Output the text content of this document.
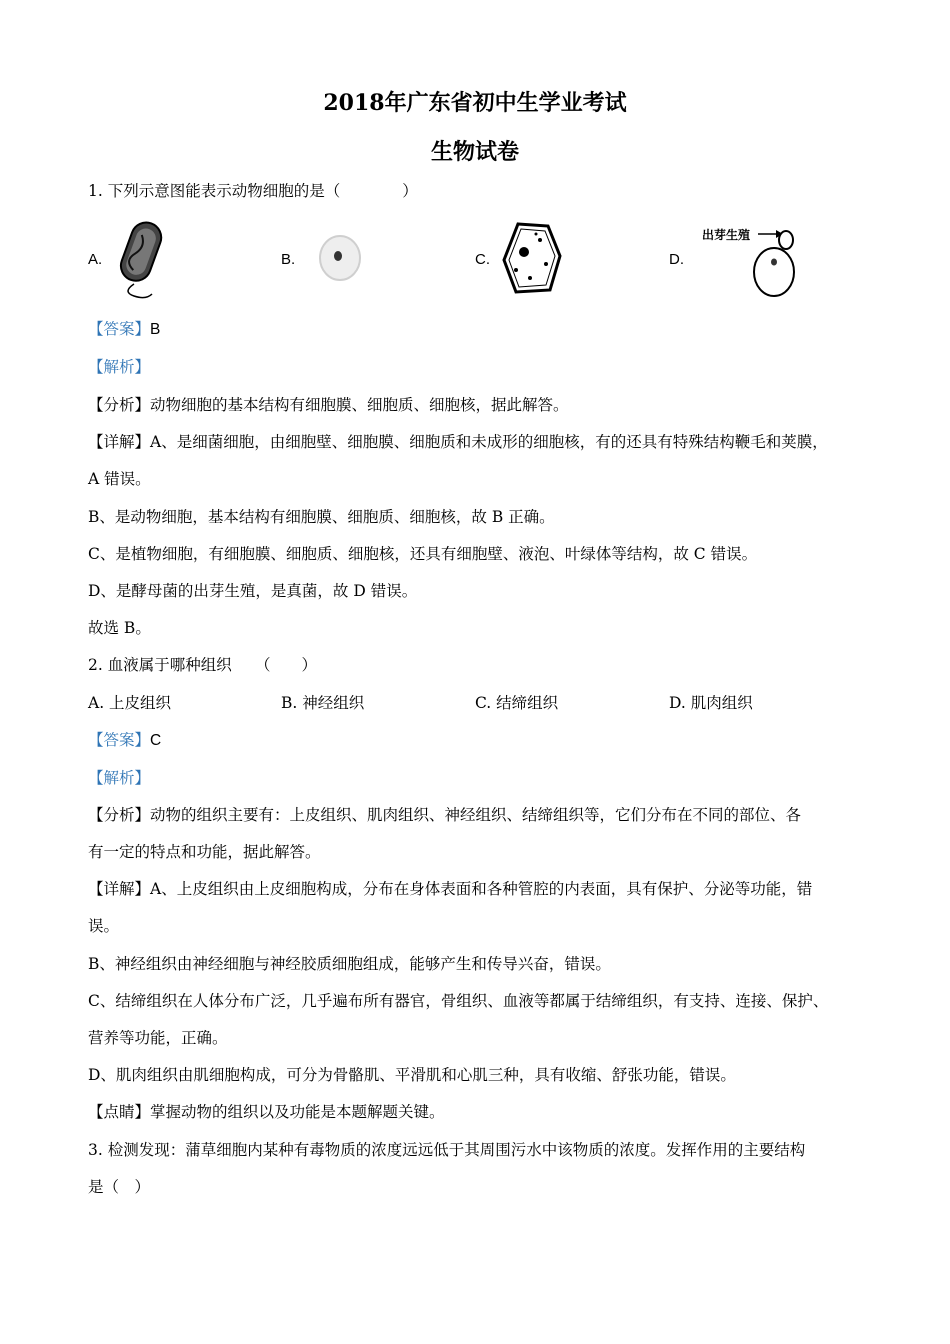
2018年广东省初中生学业考试
生物试卷
1. 下列示意图能表示动物细胞的是（　　　　）
A.	B.	C.	D.
出芽生殖
【答案】B
【解析】
【分析】动物细胞的基本结构有细胞膜、细胞质、细胞核，据此解答。
【详解】A、是细菌细胞，由细胞壁、细胞膜、细胞质和未成形的细胞核，有的还具有特殊结构鞭毛和荚膜，
A 错误。
B、是动物细胞，基本结构有细胞膜、细胞质、细胞核，故 B 正确。
C、是植物细胞，有细胞膜、细胞质、细胞核，还具有细胞壁、液泡、叶绿体等结构，故 C 错误。
D、是酵母菌的出芽生殖，是真菌，故 D 错误。
故选 B。
2. 血液属于哪种组织　　（　　）
A. 上皮组织	B. 神经组织	C. 结缔组织	D. 肌肉组织
【答案】C
【解析】
【分析】动物的组织主要有：上皮组织、肌肉组织、神经组织、结缔组织等，它们分布在不同的部位、各
有一定的特点和功能，据此解答。
【详解】A、上皮组织由上皮细胞构成，分布在身体表面和各种管腔的内表面，具有保护、分泌等功能，错
误。
B、神经组织由神经细胞与神经胶质细胞组成，能够产生和传导兴奋，错误。
C、结缔组织在人体分布广泛，几乎遍布所有器官，骨组织、血液等都属于结缔组织，有支持、连接、保护、
营养等功能，正确。
D、肌肉组织由肌细胞构成，可分为骨骼肌、平滑肌和心肌三种，具有收缩、舒张功能，错误。
【点睛】掌握动物的组织以及功能是本题解题关键。
3. 检测发现：蒲草细胞内某种有毒物质的浓度远远低于其周围污水中该物质的浓度。发挥作用的主要结构
是（　）
